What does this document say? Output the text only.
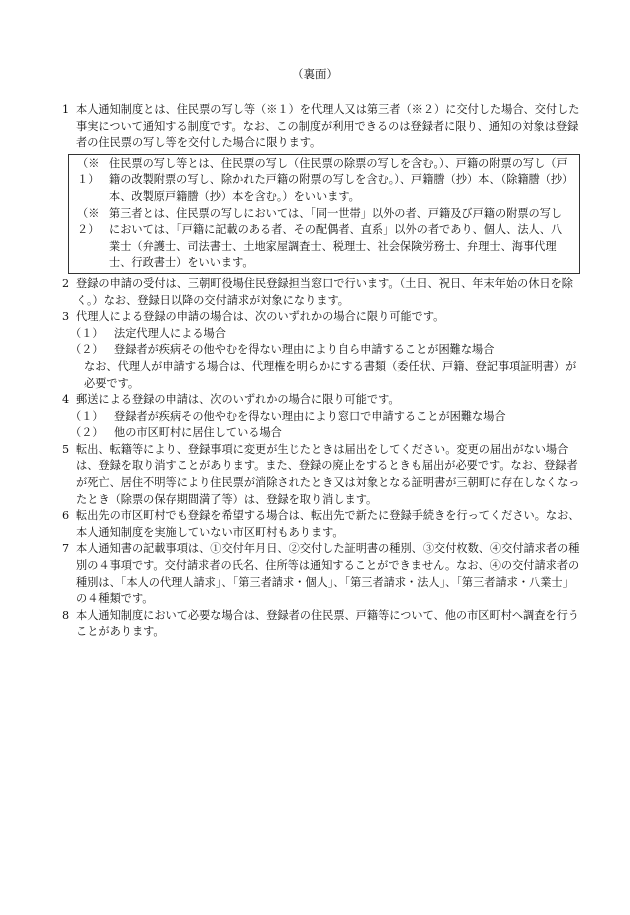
（裏面）
1 本人通知制度とは、住民票の写し等（※１）を代理人又は第三者（※２）に交付した場合、交付した事実について通知する制度です。なお、この制度が利用できるのは登録者に限り、通知の対象は登録者の住民票の写し等を交付した場合に限ります。
（※１）
住民票の写し等とは、住民票の写し（住民票の除票の写しを含む。）、戸籍の附票の写し（戸籍の改製附票の写し、除かれた戸籍の附票の写しを含む。）、戸籍謄（抄）本、（除籍謄（抄）本、改製原戸籍謄（抄）本を含む。）をいいます。
（※２）
第三者とは、住民票の写しにおいては、「同一世帯」以外の者、戸籍及び戸籍の附票の写しにおいては、「戸籍に記載のある者、その配偶者、直系」以外の者であり、個人、法人、八業士（弁護士、司法書士、土地家屋調査士、税理士、社会保険労務士、弁理士、海事代理士、行政書士）をいいます。
2 登録の申請の受付は、三朝町役場住民登録担当窓口で行います。（土日、祝日、年末年始の休日を除く。）なお、登録日以降の交付請求が対象になります。
3 代理人による登録の申請の場合は、次のいずれかの場合に限り可能です。
（１） 法定代理人による場合
（２） 登録者が疾病その他やむを得ない理由により自ら申請することが困難な場合
なお、代理人が申請する場合は、代理権を明らかにする書類（委任状、戸籍、登記事項証明書）が必要です。
4 郵送による登録の申請は、次のいずれかの場合に限り可能です。
（１） 登録者が疾病その他やむを得ない理由により窓口で申請することが困難な場合
（２） 他の市区町村に居住している場合
5 転出、転籍等により、登録事項に変更が生じたときは届出をしてください。変更の届出がない場合は、登録を取り消すことがあります。また、登録の廃止をするときも届出が必要です。なお、登録者が死亡、居住不明等により住民票が消除されたとき又は対象となる証明書が三朝町に存在しなくなったとき（除票の保存期間満了等）は、登録を取り消します。
6 転出先の市区町村でも登録を希望する場合は、転出先で新たに登録手続きを行ってください。なお、本人通知制度を実施していない市区町村もあります。
7 本人通知書の記載事項は、①交付年月日、②交付した証明書の種別、③交付枚数、④交付請求者の種別の４事項です。交付請求者の氏名、住所等は通知することができません。なお、④の交付請求者の種別は、「本人の代理人請求」、「第三者請求・個人」、「第三者請求・法人」、「第三者請求・八業士」の４種類です。
8 本人通知制度において必要な場合は、登録者の住民票、戸籍等について、他の市区町村へ調査を行うことがあります。
